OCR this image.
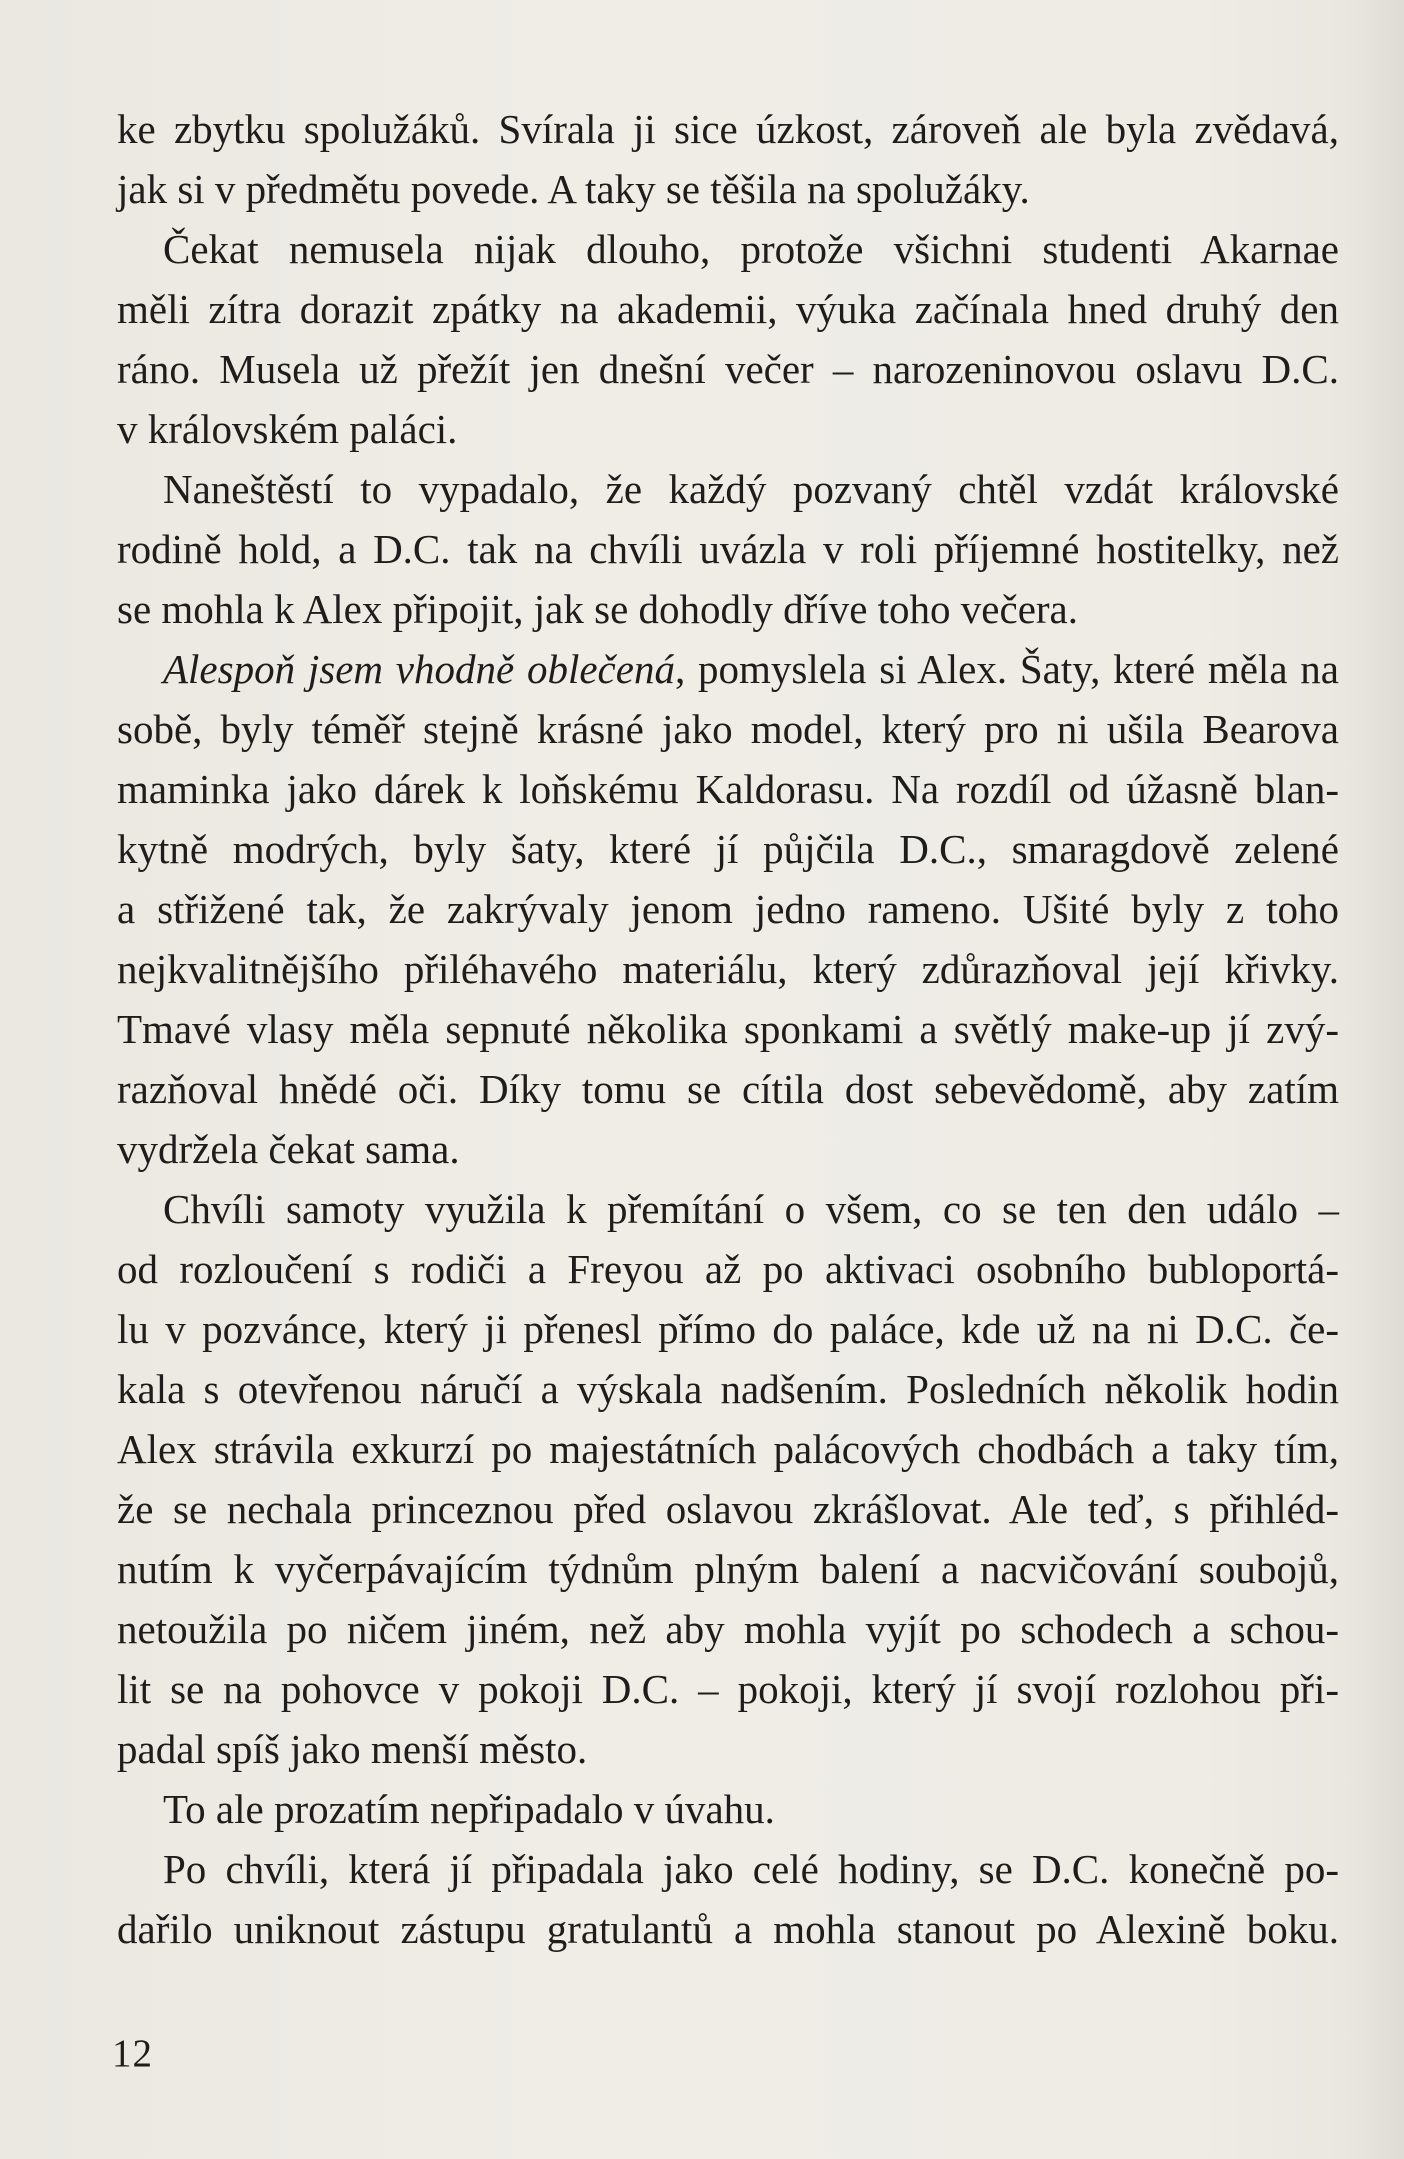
ke zbytku spolužáků. Svírala ji sice úzkost, zároveň ale byla zvědavá,
jak si v předmětu povede. A taky se těšila na spolužáky.
Čekat nemusela nijak dlouho, protože všichni studenti Akarnae
měli zítra dorazit zpátky na akademii, výuka začínala hned druhý den
ráno. Musela už přežít jen dnešní večer – narozeninovou oslavu D.C.
v královském paláci.
Naneštěstí to vypadalo, že každý pozvaný chtěl vzdát královské
rodině hold, a D.C. tak na chvíli uvázla v roli příjemné hostitelky, než
se mohla k Alex připojit, jak se dohodly dříve toho večera.
Alespoň jsem vhodně oblečená, pomyslela si Alex. Šaty, které měla na
sobě, byly téměř stejně krásné jako model, který pro ni ušila Bearova
maminka jako dárek k loňskému Kaldorasu. Na rozdíl od úžasně blan-
kytně modrých, byly šaty, které jí půjčila D.C., smaragdově zelené
a střižené tak, že zakrývaly jenom jedno rameno. Ušité byly z toho
nejkvalitnějšího přiléhavého materiálu, který zdůrazňoval její křivky.
Tmavé vlasy měla sepnuté několika sponkami a světlý make-up jí zvý-
razňoval hnědé oči. Díky tomu se cítila dost sebevědomě, aby zatím
vydržela čekat sama.
Chvíli samoty využila k přemítání o všem, co se ten den událo –
od rozloučení s rodiči a Freyou až po aktivaci osobního bubloportá-
lu v pozvánce, který ji přenesl přímo do paláce, kde už na ni D.C. če-
kala s otevřenou náručí a výskala nadšením. Posledních několik hodin
Alex strávila exkurzí po majestátních palácových chodbách a taky tím,
že se nechala princeznou před oslavou zkrášlovat. Ale teď, s přihléd-
nutím k vyčerpávajícím týdnům plným balení a nacvičování soubojů,
netoužila po ničem jiném, než aby mohla vyjít po schodech a schou-
lit se na pohovce v pokoji D.C. – pokoji, který jí svojí rozlohou při-
padal spíš jako menší město.
To ale prozatím nepřipadalo v úvahu.
Po chvíli, která jí připadala jako celé hodiny, se D.C. konečně po-
dařilo uniknout zástupu gratulantů a mohla stanout po Alexině boku.
12
